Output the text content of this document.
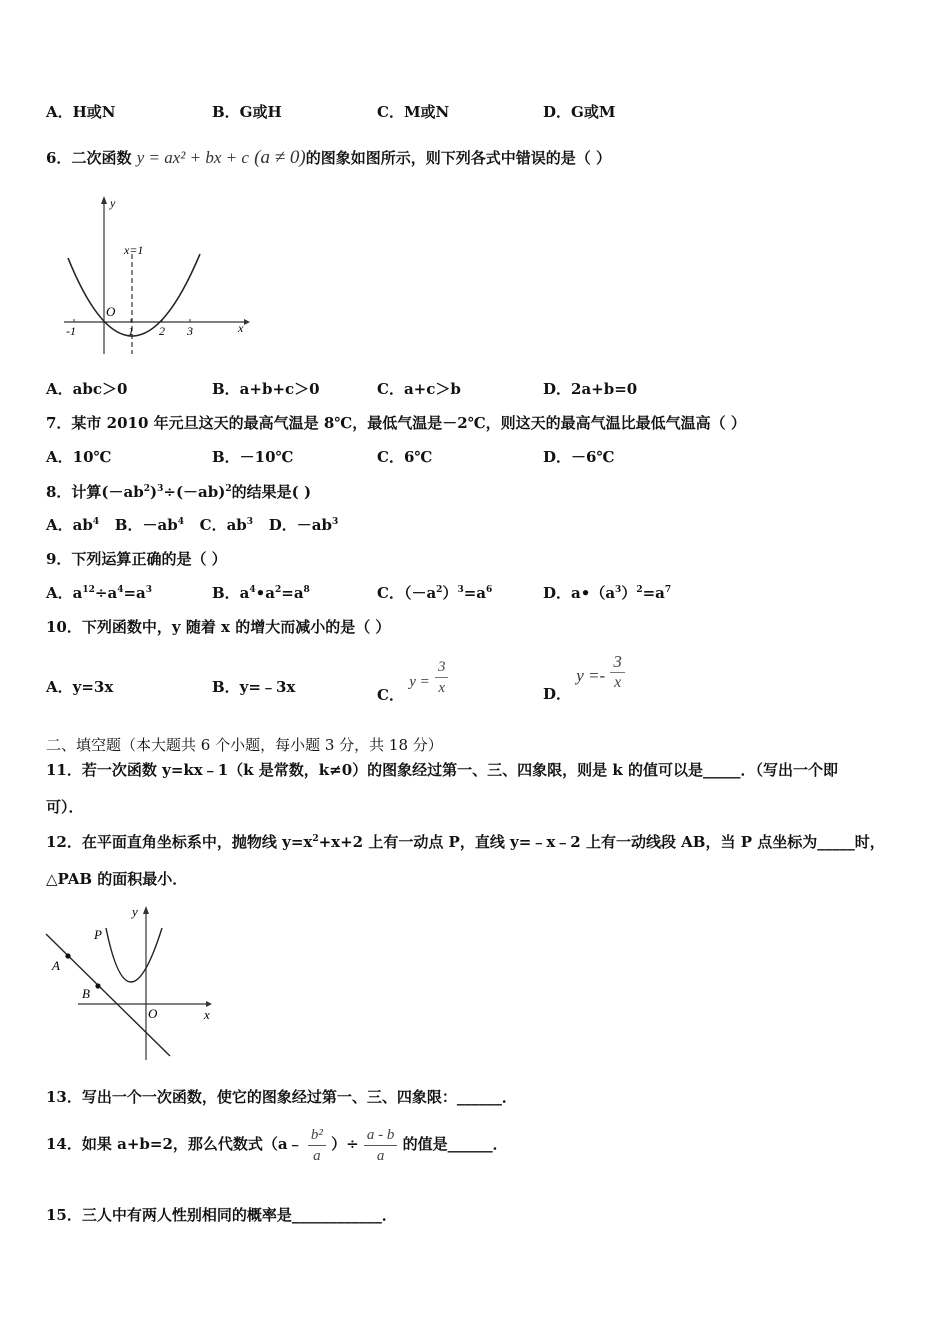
A．H或N	B．G或H	C．M或N	D．G或M
6．二次函数 y = ax² + bx + c (a ≠ 0)的图象如图所示，则下列各式中错误的是（ ）
y
x
O
x=1
-1	1 2 3
A．abc＞0	B．a+b+c＞0	C．a+c＞b	D．2a+b=0
7．某市 2010 年元旦这天的最高气温是 8℃，最低气温是－2℃，则这天的最高气温比最低气温高（ ）
A．10℃	B．－10℃	C．6℃	D．－6℃
8．计算$(-ab^2)^3\div(-ab)^2$的结果是( )
A．$ab^4$ B．$-ab^4$ C．$ab^3$ D．$-ab^3$
9．下列运算正确的是（ ）
A．$a^{12}\div a^4=a^3$	B．$a^4•a^2=a^8$	C．$(-a^2)^3=a^6$	D．$a•(a^3)^2=a^7$
10．下列函数中，y 随着 x 的增大而减小的是（ ）
A．y=3x	B．y=﹣3x	C． $y = \frac{3}{x}$	D． $y =- \frac{3}{x}$
二、填空题（本大题共 6 个小题，每小题 3 分，共 18 分）
11．若一次函数 y=kx﹣1（k 是常数，k≠0）的图象经过第一、三、四象限，则是 k 的值可以是_____．（写出一个即
可）．
12．在平面直角坐标系中，抛物线 $y=x^2+x+2$ 上有一动点 P，直线 y=﹣x﹣2 上有一动线段 AB，当 P 点坐标为_____时，
△PAB 的面积最小．
y
x
O
P
A
B
13．写出一个一次函数，使它的图象经过第一、三、四象限：______．
14．如果 a+b=2，那么代数式（a﹣ $\frac{\text{b²}}{a}$ ）÷ $\frac{a - b}{a}$ 的值是______．
15．三人中有两人性别相同的概率是____________．
